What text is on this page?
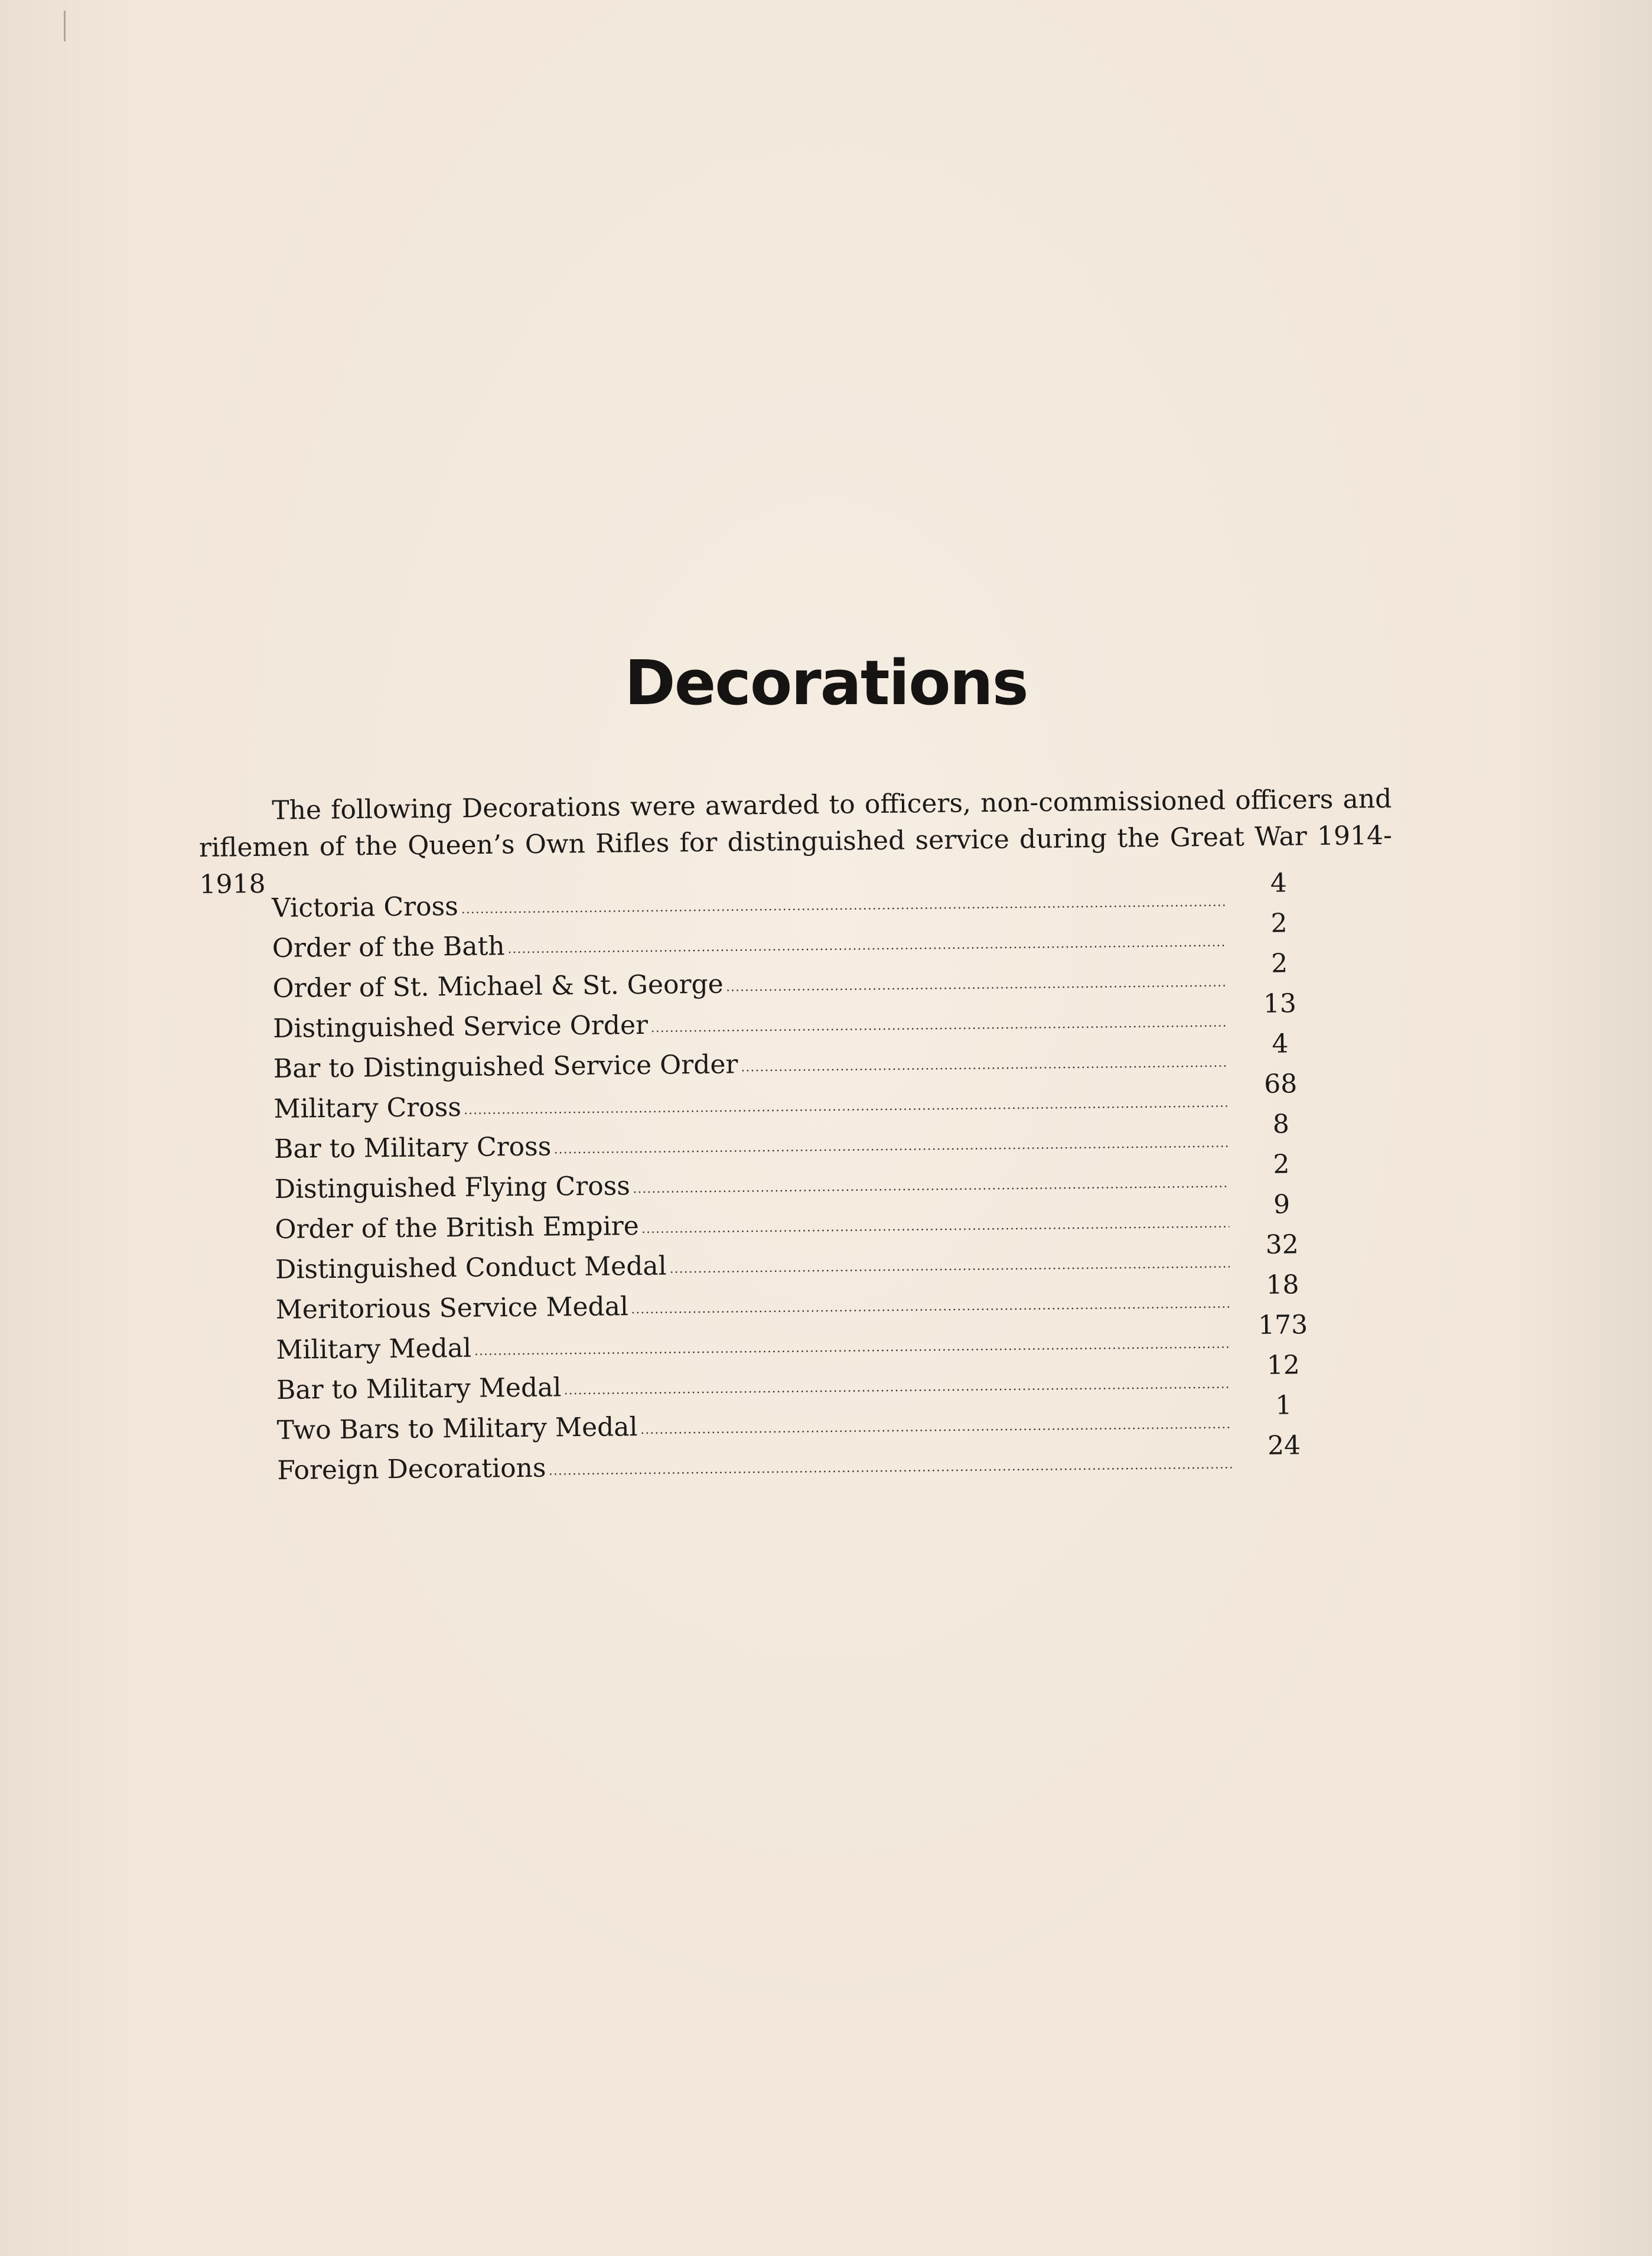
Decorations

The following Decorations were awarded to officers, non-commissioned officers and
riflemen of the Queen’s Own Rifles for distinguished service during the Great War 1914-1918

Victoria Cross
4
Order of the Bath
2
Order of St. Michael & St. George
2
Distinguished Service Order
13
Bar to Distinguished Service Order
4
Military Cross
68
Bar to Military Cross
8
Distinguished Flying Cross
2
Order of the British Empire
9
Distinguished Conduct Medal
32
Meritorious Service Medal
18
Military Medal
173
Bar to Military Medal
12
Two Bars to Military Medal
1
Foreign Decorations
24
